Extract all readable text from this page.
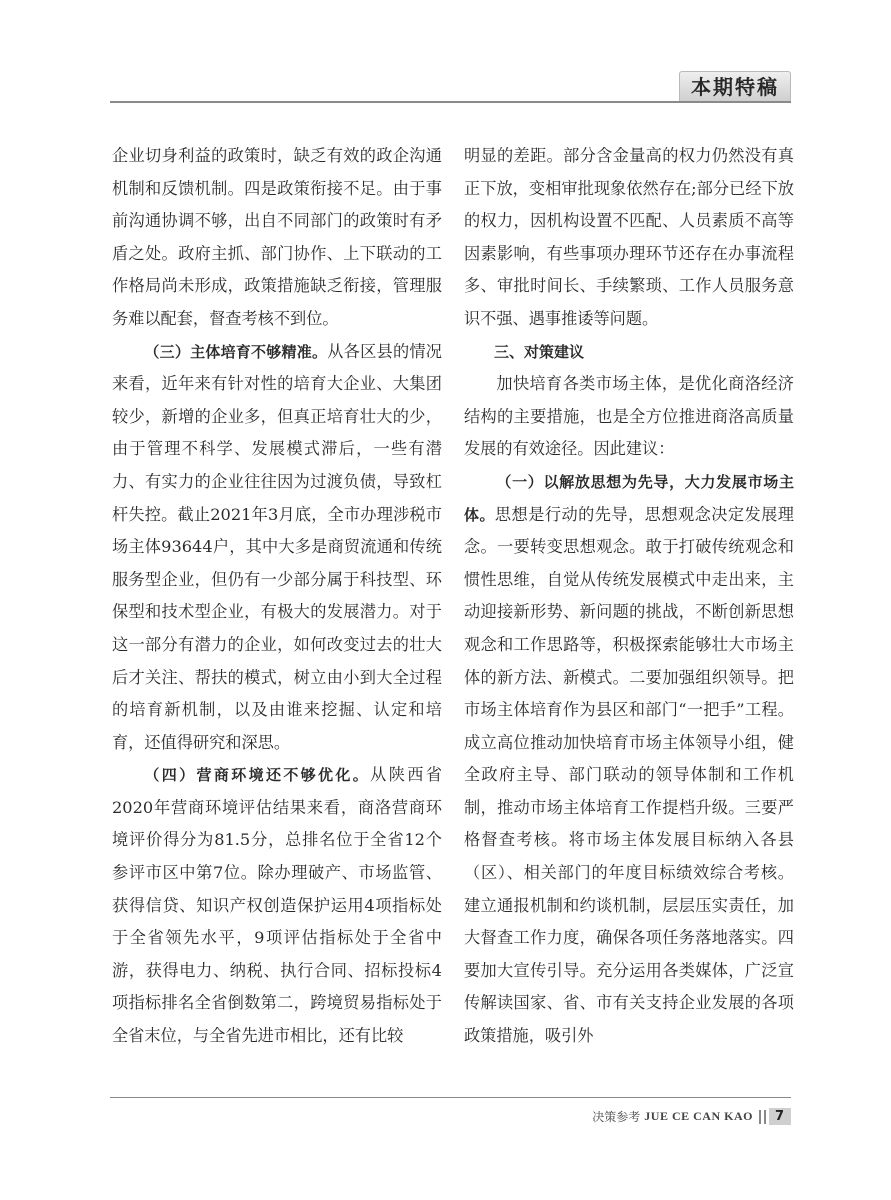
本期特稿

企业切身利益的政策时，缺乏有效的政企沟通机制和反馈机制。四是政策衔接不足。由于事前沟通协调不够，出自不同部门的政策时有矛盾之处。政府主抓、部门协作、上下联动的工作格局尚未形成，政策措施缺乏衔接，管理服务难以配套，督查考核不到位。

（三）主体培育不够精准。从各区县的情况来看，近年来有针对性的培育大企业、大集团较少，新增的企业多，但真正培育壮大的少，由于管理不科学、发展模式滞后，一些有潜力、有实力的企业往往因为过渡负债，导致杠杆失控。截止2021年3月底，全市办理涉税市场主体93644户，其中大多是商贸流通和传统服务型企业，但仍有一少部分属于科技型、环保型和技术型企业，有极大的发展潜力。对于这一部分有潜力的企业，如何改变过去的壮大后才关注、帮扶的模式，树立由小到大全过程的培育新机制，以及由谁来挖掘、认定和培育，还值得研究和深思。

（四）营商环境还不够优化。从陕西省2020年营商环境评估结果来看，商洛营商环境评价得分为81.5分，总排名位于全省12个参评市区中第7位。除办理破产、市场监管、获得信贷、知识产权创造保护运用4项指标处于全省领先水平，9项评估指标处于全省中游，获得电力、纳税、执行合同、招标投标4项指标排名全省倒数第二，跨境贸易指标处于全省末位，与全省先进市相比，还有比较

明显的差距。部分含金量高的权力仍然没有真正下放，变相审批现象依然存在;部分已经下放的权力，因机构设置不匹配、人员素质不高等因素影响，有些事项办理环节还存在办事流程多、审批时间长、手续繁琐、工作人员服务意识不强、遇事推诿等问题。

三、对策建议

加快培育各类市场主体，是优化商洛经济结构的主要措施，也是全方位推进商洛高质量发展的有效途径。因此建议：

（一）以解放思想为先导，大力发展市场主体。思想是行动的先导，思想观念决定发展理念。一要转变思想观念。敢于打破传统观念和惯性思维，自觉从传统发展模式中走出来，主动迎接新形势、新问题的挑战，不断创新思想观念和工作思路等，积极探索能够壮大市场主体的新方法、新模式。二要加强组织领导。把市场主体培育作为县区和部门“一把手”工程。成立高位推动加快培育市场主体领导小组，健全政府主导、部门联动的领导体制和工作机制，推动市场主体培育工作提档升级。三要严格督查考核。将市场主体发展目标纳入各县（区）、相关部门的年度目标绩效综合考核。建立通报机制和约谈机制，层层压实责任，加大督查工作力度，确保各项任务落地落实。四要加大宣传引导。充分运用各类媒体，广泛宣传解读国家、省、市有关支持企业发展的各项政策措施，吸引外

决策参考 JUE CE CAN KAO	7
